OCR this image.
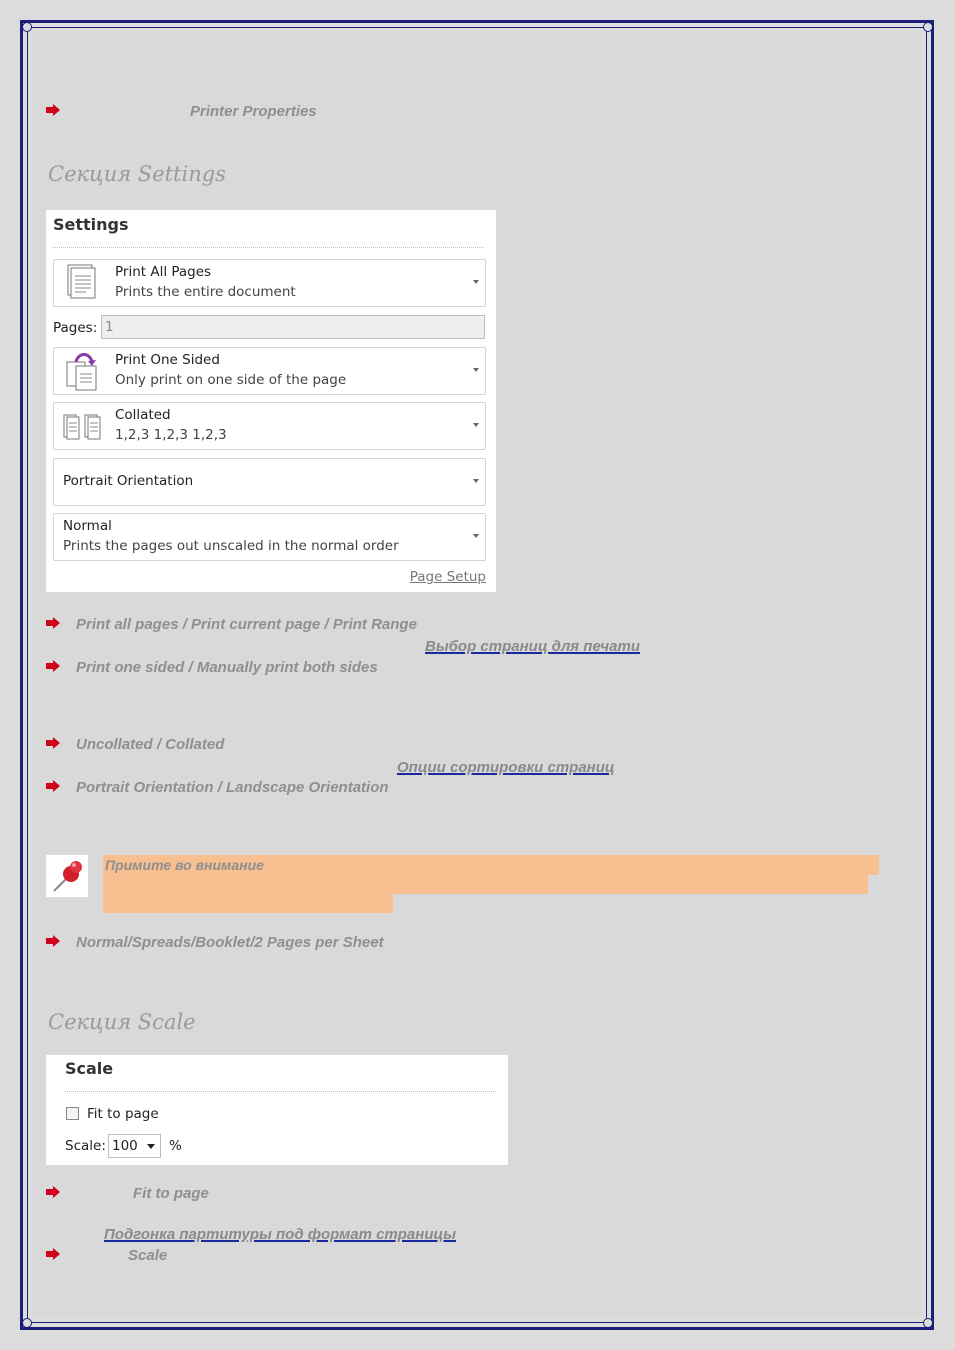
Printer Properties
Секция Settings
Settings
Print All Pages
Prints the entire document
Pages: 1
Print One Sided
Only print on one side of the page
Collated
1,2,3 1,2,3 1,2,3
Portrait Orientation
Normal
Prints the pages out unscaled in the normal order
Page Setup
Print all pages / Print current page / Print Range
Выбор страниц для печати
Print one sided / Manually print both sides
Uncollated / Collated
Опции сортировки страниц
Portrait Orientation / Landscape Orientation
Примите во внимание
Normal/Spreads/Booklet/2 Pages per Sheet
Секция Scale
Scale
Fit to page
Scale: 100 %
Fit to page
Подгонка партитуры под формат страницы
Scale
